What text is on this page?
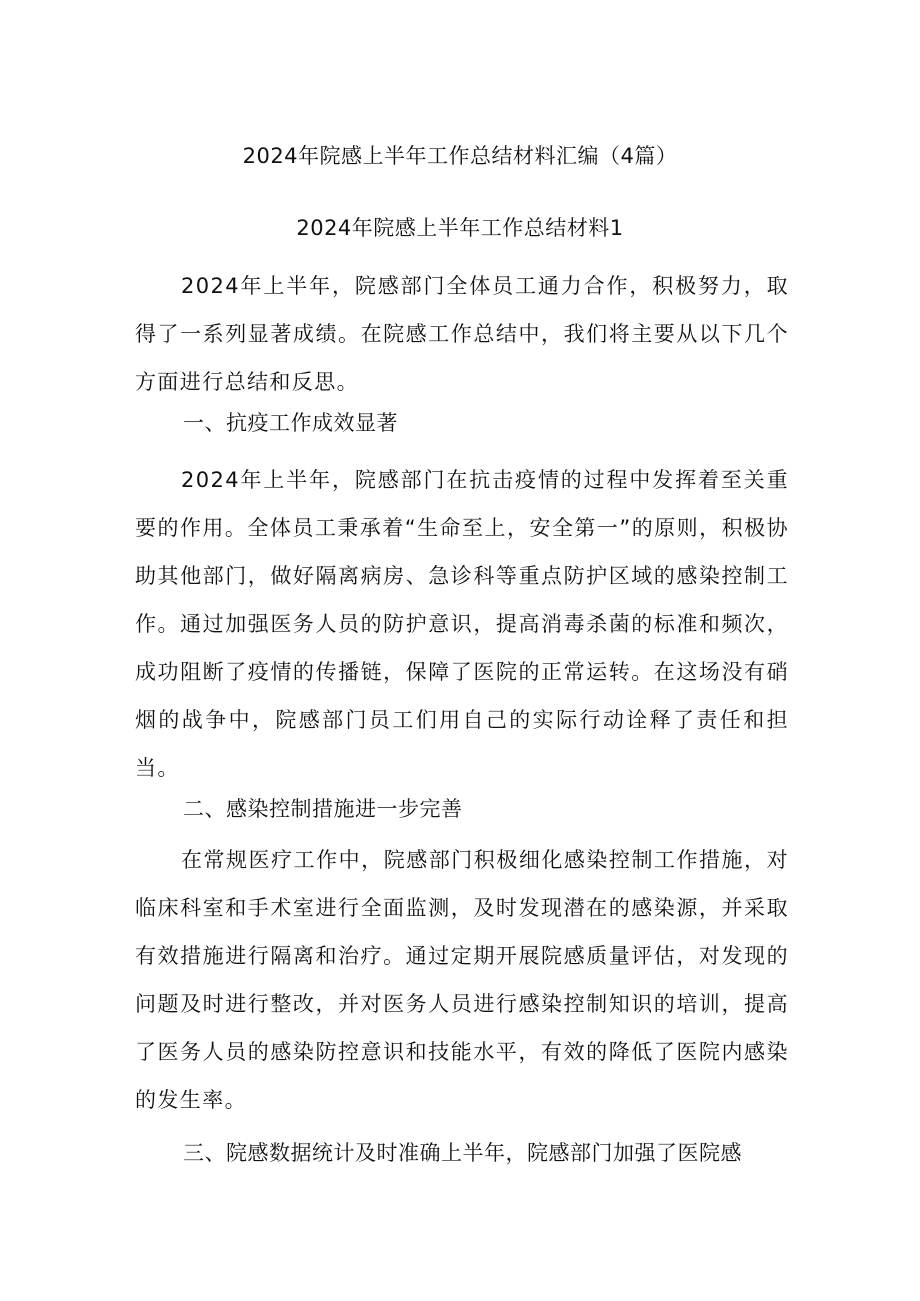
2024年院感上半年工作总结材料汇编（4篇）
2024年院感上半年工作总结材料1

2024年上半年，院感部门全体员工通力合作，积极努力，取得了一系列显著成绩。在院感工作总结中，我们将主要从以下几个方面进行总结和反思。

一、抗疫工作成效显著

2024年上半年，院感部门在抗击疫情的过程中发挥着至关重要的作用。全体员工秉承着“生命至上，安全第一”的原则，积极协助其他部门，做好隔离病房、急诊科等重点防护区域的感染控制工作。通过加强医务人员的防护意识，提高消毒杀菌的标准和频次，成功阻断了疫情的传播链，保障了医院的正常运转。在这场没有硝烟的战争中，院感部门员工们用自己的实际行动诠释了责任和担当。

二、感染控制措施进一步完善

在常规医疗工作中，院感部门积极细化感染控制工作措施，对临床科室和手术室进行全面监测，及时发现潜在的感染源，并采取有效措施进行隔离和治疗。通过定期开展院感质量评估，对发现的问题及时进行整改，并对医务人员进行感染控制知识的培训，提高了医务人员的感染防控意识和技能水平，有效的降低了医院内感染的发生率。

三、院感数据统计及时准确上半年，院感部门加强了医院感
